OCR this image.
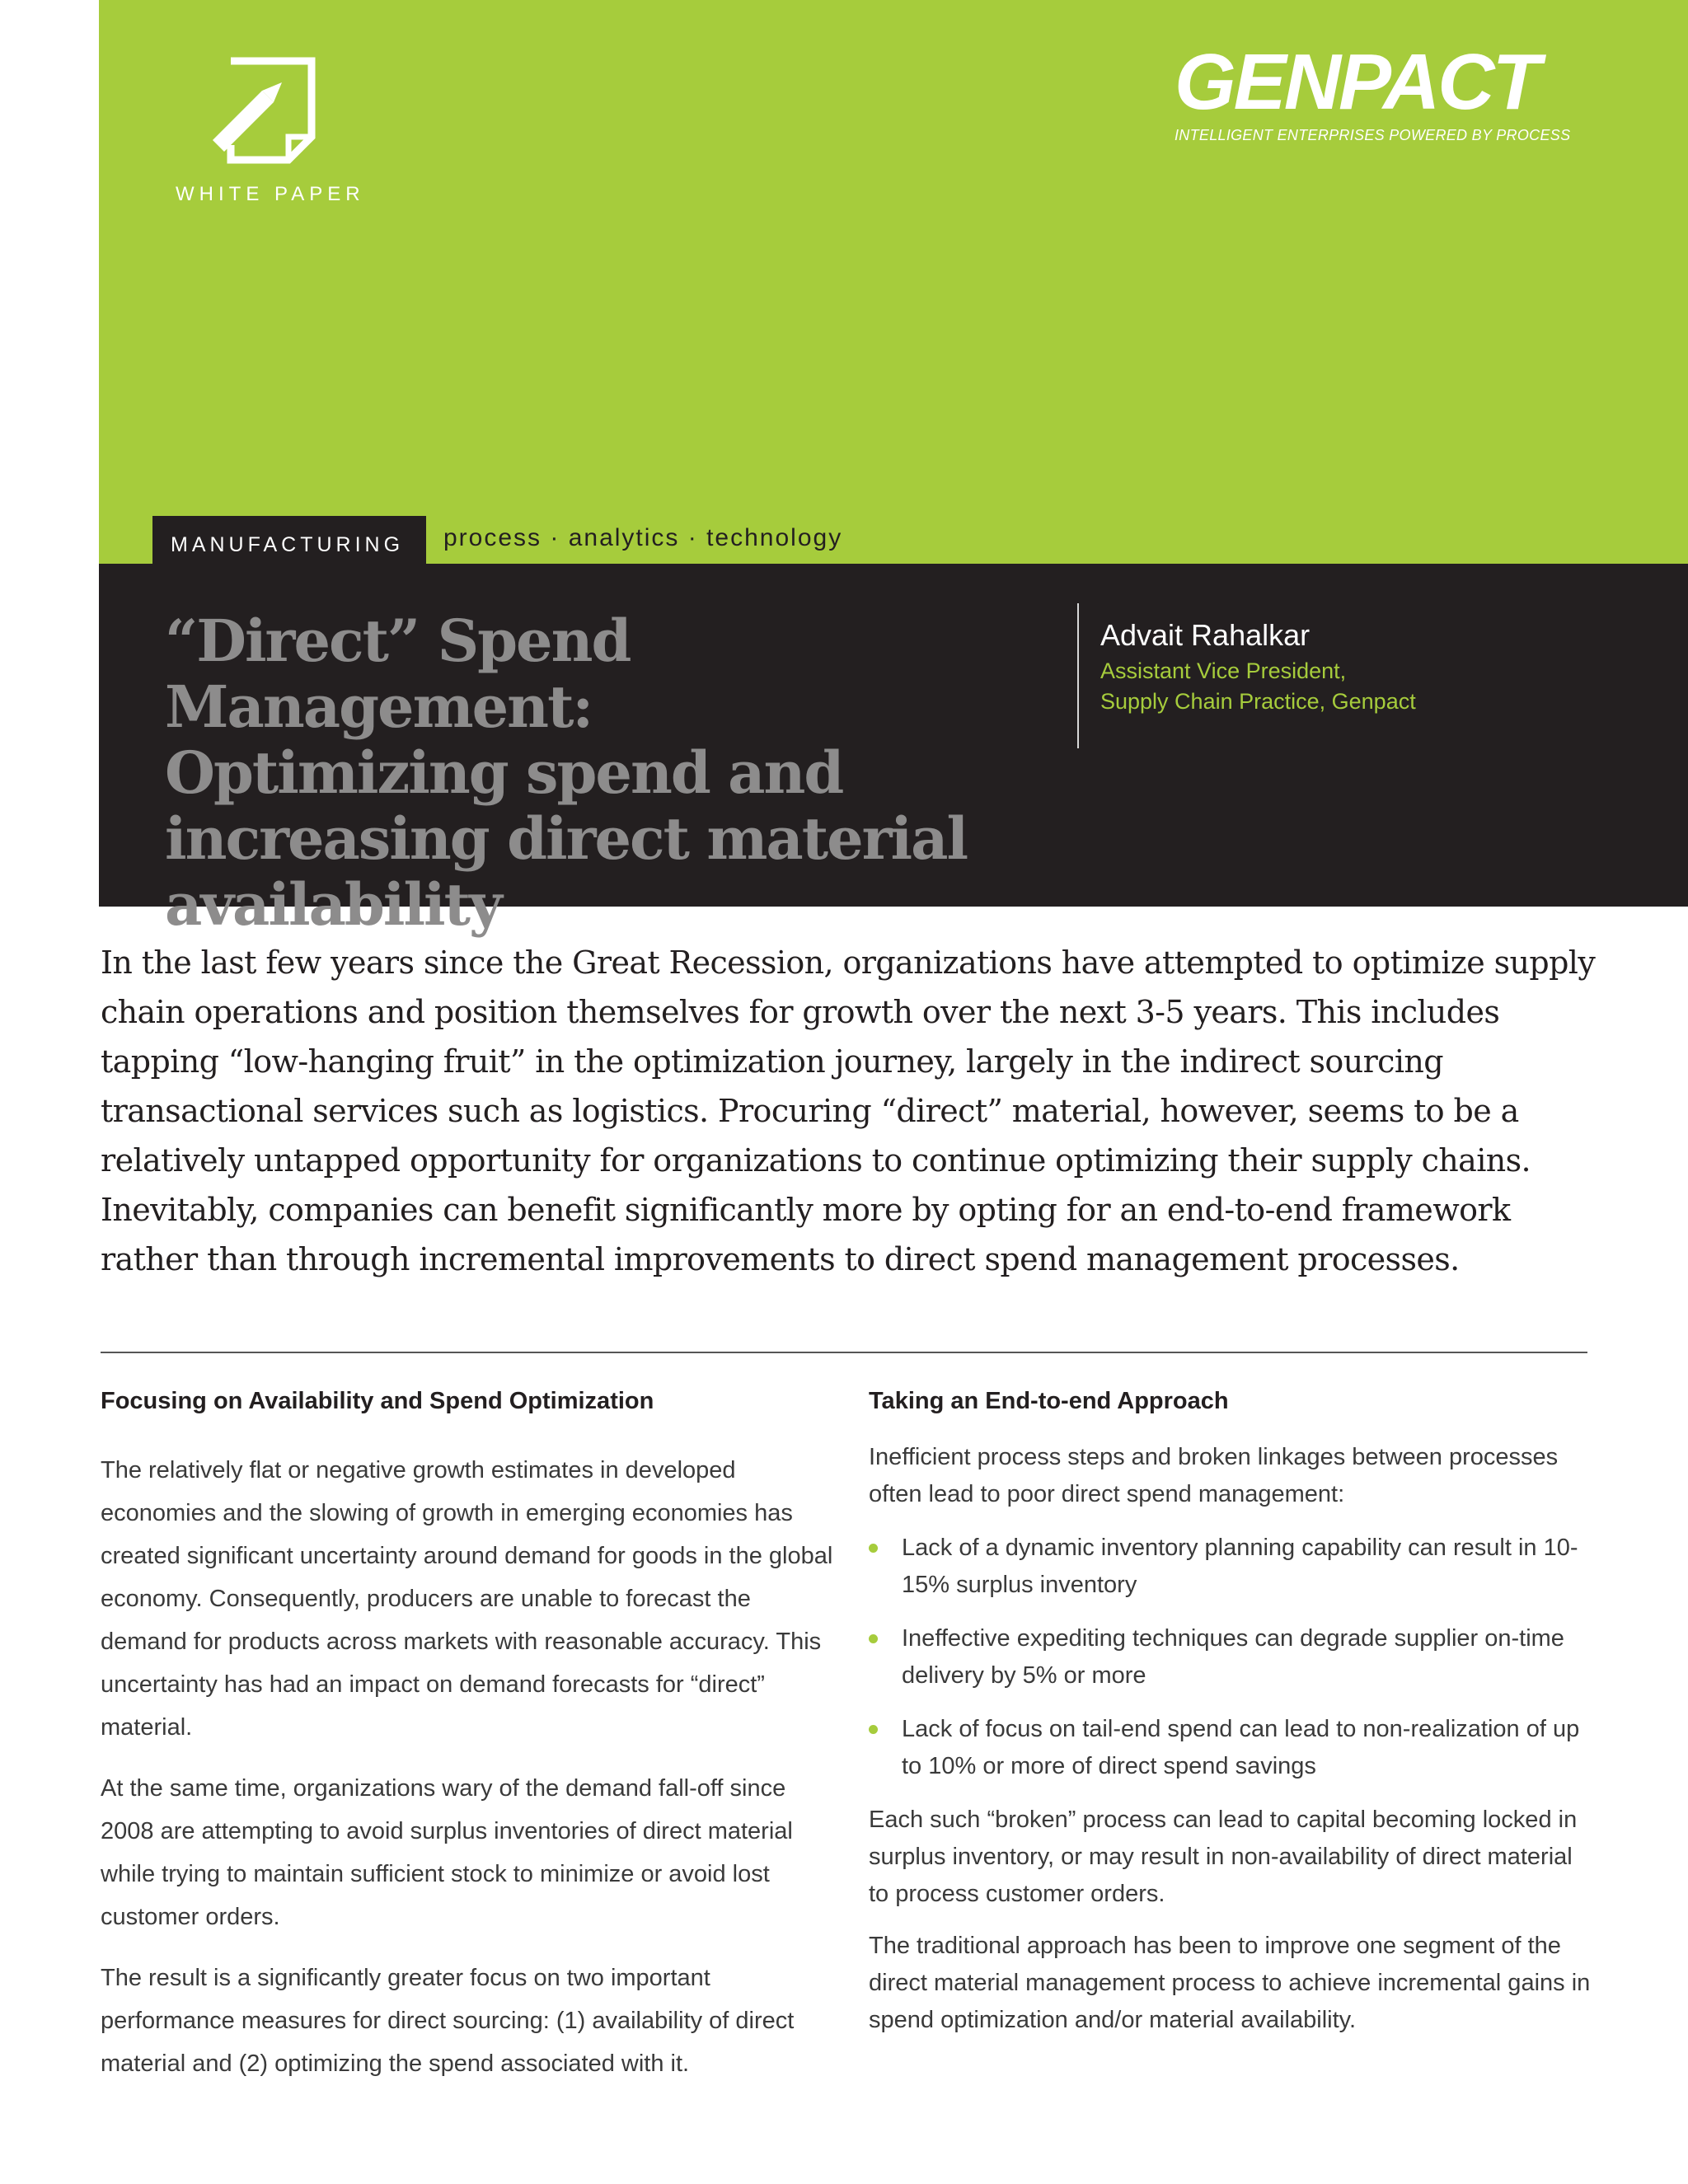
WHITE PAPER
GENPACT
INTELLIGENT ENTERPRISES POWERED BY PROCESS
MANUFACTURING process · analytics · technology
“Direct” Spend Management:
Optimizing spend and
increasing direct material
availability
Advait Rahalkar
Assistant Vice President,
Supply Chain Practice, Genpact

In the last few years since the Great Recession, organizations have attempted to optimize supply chain operations and position themselves for growth over the next 3-5 years. This includes tapping “low-hanging fruit” in the optimization journey, largely in the indirect sourcing transactional services such as logistics. Procuring “direct” material, however, seems to be a relatively untapped opportunity for organizations to continue optimizing their supply chains. Inevitably, companies can benefit significantly more by opting for an end-to-end framework rather than through incremental improvements to direct spend management processes.

Focusing on Availability and Spend Optimization

The relatively flat or negative growth estimates in developed economies and the slowing of growth in emerging economies has created significant uncertainty around demand for goods in the global economy. Consequently, producers are unable to forecast the demand for products across markets with reasonable accuracy. This uncertainty has had an impact on demand forecasts for “direct” material.

At the same time, organizations wary of the demand fall-off since 2008 are attempting to avoid surplus inventories of direct material while trying to maintain sufficient stock to minimize or avoid lost customer orders.

The result is a significantly greater focus on two important performance measures for direct sourcing: (1) availability of direct material and (2) optimizing the spend associated with it.

Taking an End-to-end Approach

Inefficient process steps and broken linkages between processes often lead to poor direct spend management:

Lack of a dynamic inventory planning capability can result in 10-15% surplus inventory
Ineffective expediting techniques can degrade supplier on-time delivery by 5% or more
Lack of focus on tail-end spend can lead to non-realization of up to 10% or more of direct spend savings

Each such “broken” process can lead to capital becoming locked in surplus inventory, or may result in non-availability of direct material to process customer orders.

The traditional approach has been to improve one segment of the direct material management process to achieve incremental gains in spend optimization and/or material availability.
